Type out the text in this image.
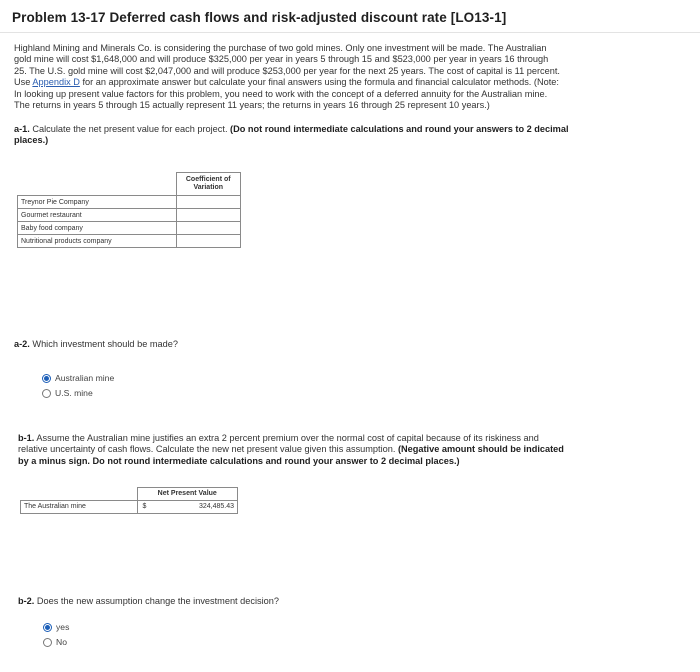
Problem 13-17 Deferred cash flows and risk-adjusted discount rate [LO13-1]
Highland Mining and Minerals Co. is considering the purchase of two gold mines. Only one investment will be made. The Australian
gold mine will cost $1,648,000 and will produce $325,000 per year in years 5 through 15 and $523,000 per year in years 16 through
25. The U.S. gold mine will cost $2,047,000 and will produce $253,000 per year for the next 25 years. The cost of capital is 11 percent.
Use Appendix D for an approximate answer but calculate your final answers using the formula and financial calculator methods. (Note:
In looking up present value factors for this problem, you need to work with the concept of a deferred annuity for the Australian mine.
The returns in years 5 through 15 actually represent 11 years; the returns in years 16 through 25 represent 10 years.)
a-1. Calculate the net present value for each project. (Do not round intermediate calculations and round your answers to 2 decimal
places.)

	Coefficient of
Variation

Treynor Pie Company	
Gourmet restaurant	
Baby food company	
Nutritional products company	
a-2. Which investment should be made?
Australian mine
U.S. mine
b-1. Assume the Australian mine justifies an extra 2 percent premium over the normal cost of capital because of its riskiness and
relative uncertainty of cash flows. Calculate the new net present value given this assumption. (Negative amount should be indicated
by a minus sign. Do not round intermediate calculations and round your answer to 2 decimal places.)
	Net Present Value	
The Australian mine	$	324,485.43
b-2. Does the new assumption change the investment decision?
yes
No
